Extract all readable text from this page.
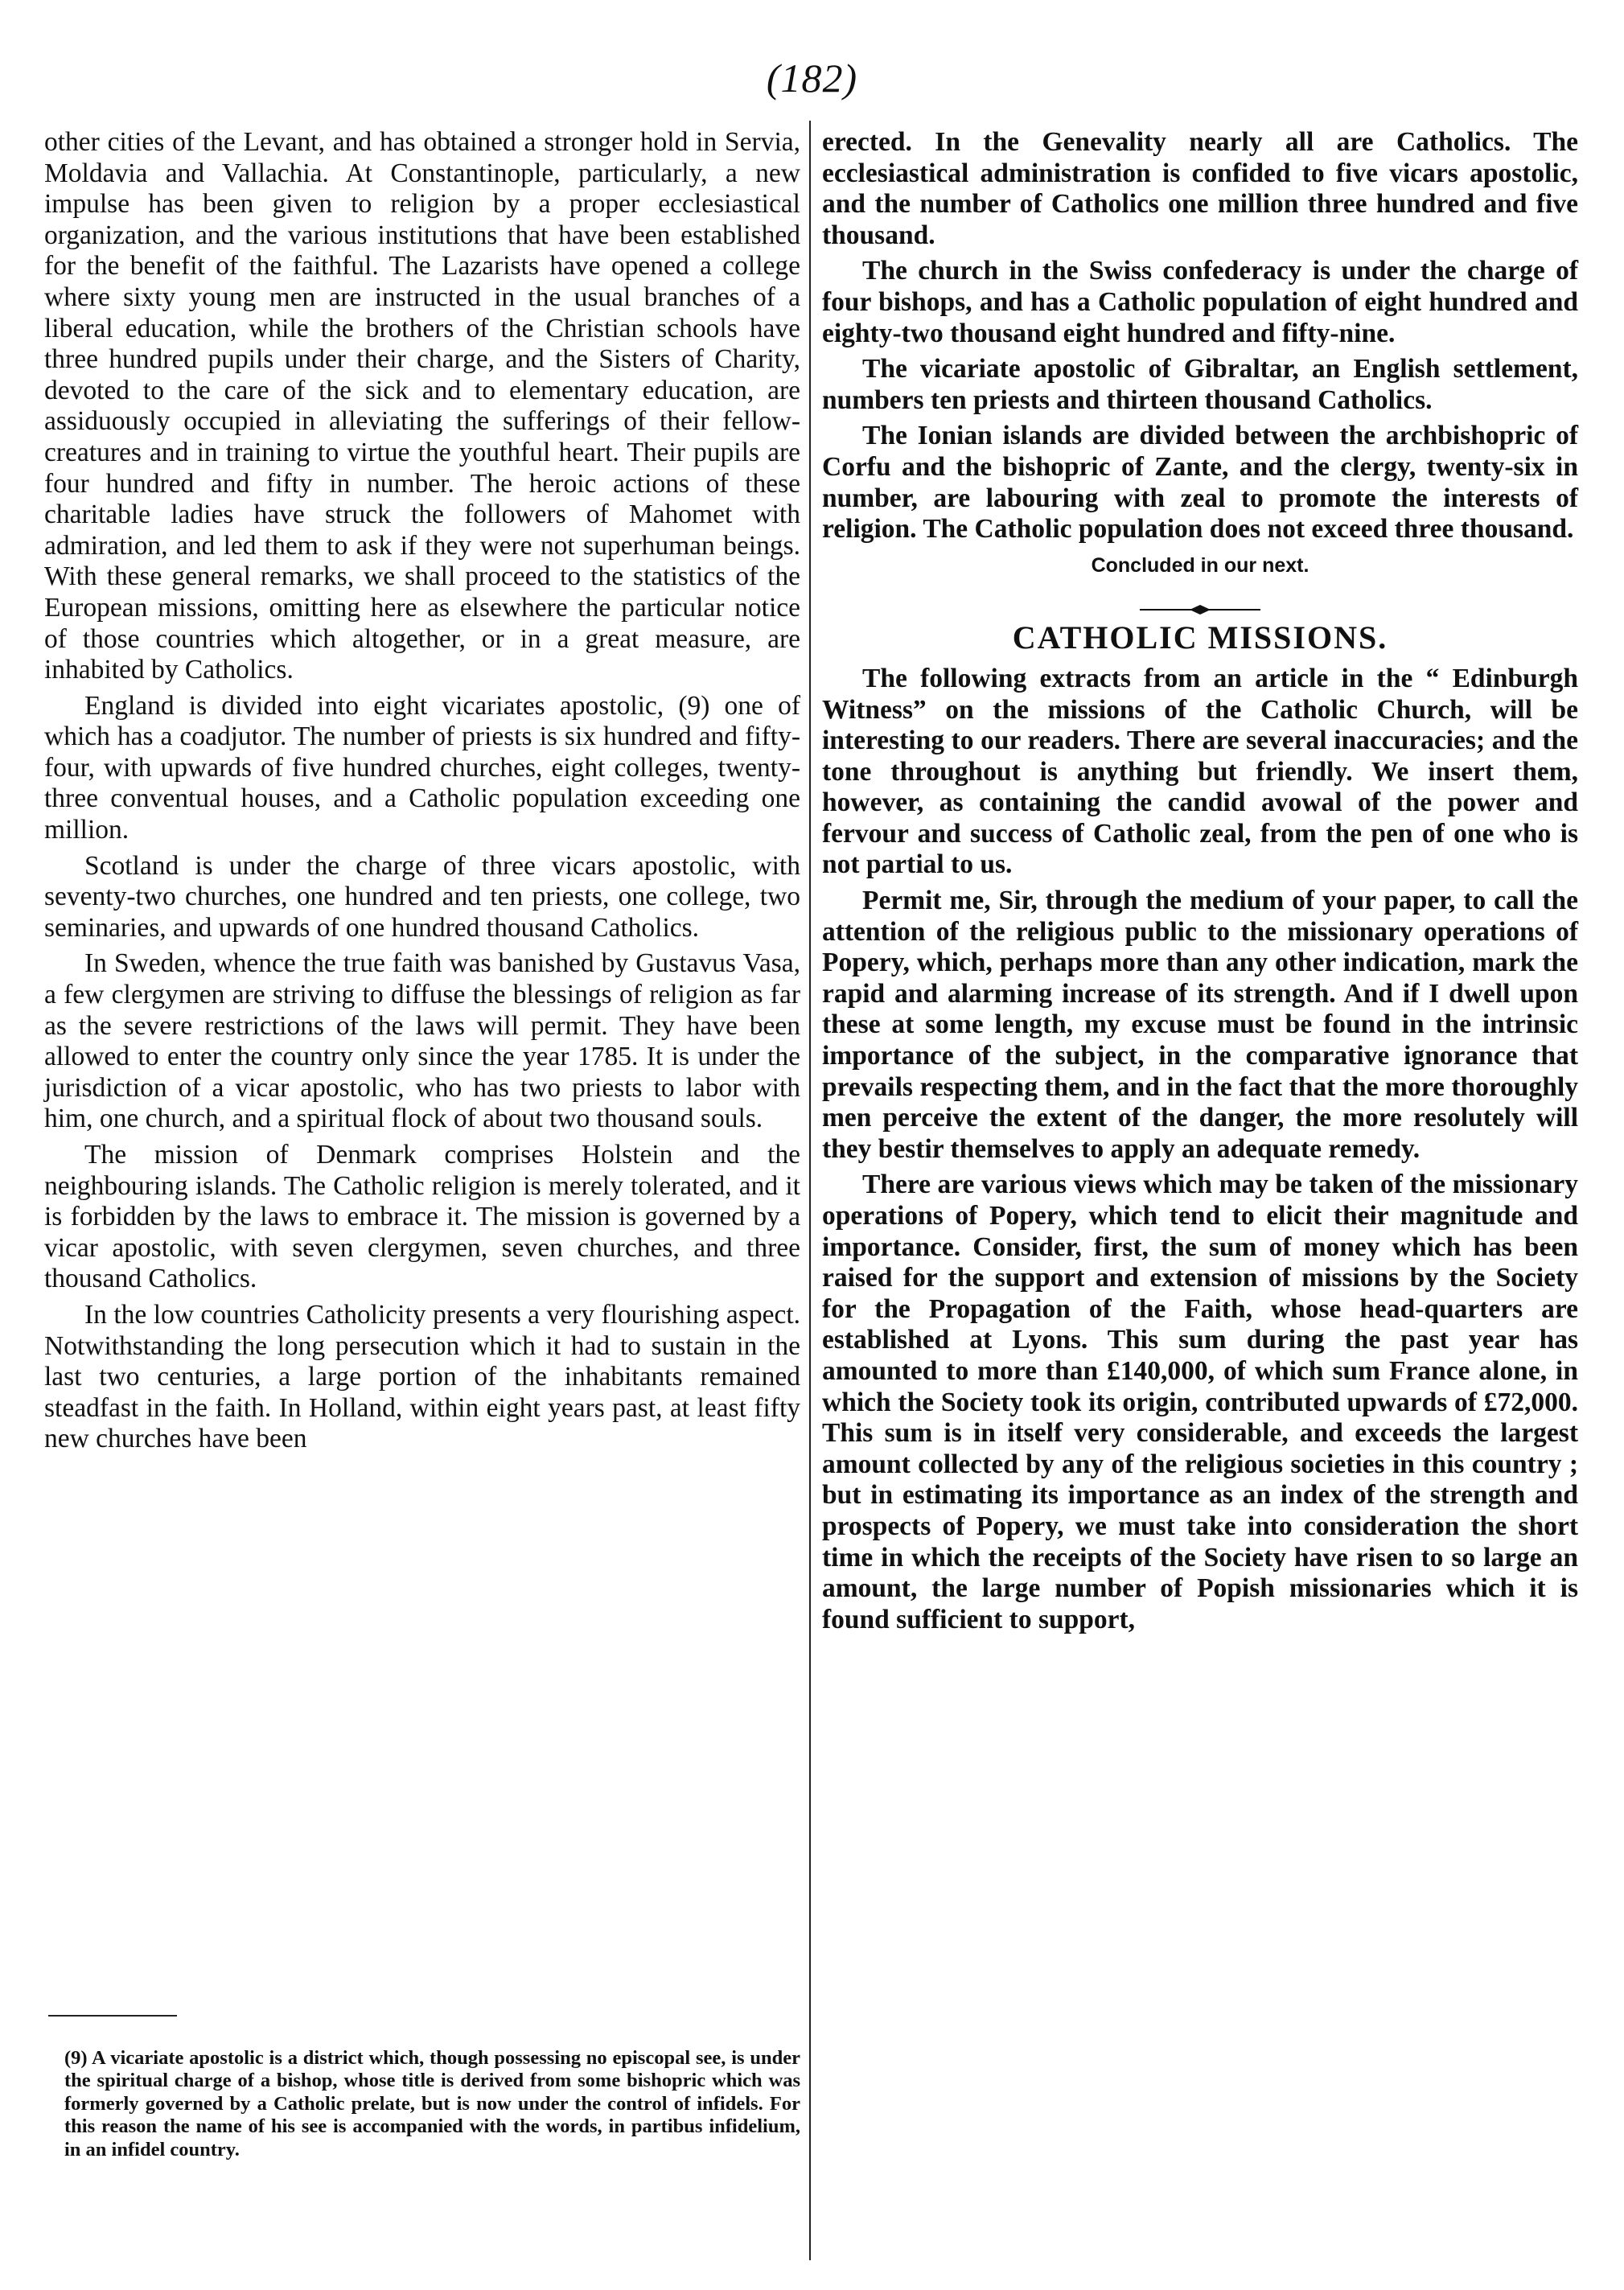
(182)

other cities of the Levant, and has obtained a stronger hold in Servia, Moldavia and Vallachia. At Constantinople, particularly, a new impulse has been given to religion by a proper ecclesiastical organization, and the various institutions that have been established for the benefit of the faithful. The Lazarists have opened a college where sixty young men are instructed in the usual branches of a liberal education, while the brothers of the Christian schools have three hundred pupils under their charge, and the Sisters of Charity, devoted to the care of the sick and to elementary education, are assiduously occupied in alleviating the sufferings of their fellow-creatures and in training to virtue the youthful heart. Their pupils are four hundred and fifty in number. The heroic actions of these charitable ladies have struck the followers of Mahomet with admiration, and led them to ask if they were not superhuman beings. With these general remarks, we shall proceed to the statistics of the European missions, omitting here as elsewhere the particular notice of those countries which altogether, or in a great measure, are inhabited by Catholics.

England is divided into eight vicariates apostolic, (9) one of which has a coadjutor. The number of priests is six hundred and fifty-four, with upwards of five hundred churches, eight colleges, twenty-three conventual houses, and a Catholic population exceeding one million.

Scotland is under the charge of three vicars apostolic, with seventy-two churches, one hundred and ten priests, one college, two seminaries, and upwards of one hundred thousand Catholics.

In Sweden, whence the true faith was banished by Gustavus Vasa, a few clergymen are striving to diffuse the blessings of religion as far as the severe restrictions of the laws will permit. They have been allowed to enter the country only since the year 1785. It is under the jurisdiction of a vicar apostolic, who has two priests to labor with him, one church, and a spiritual flock of about two thousand souls.

The mission of Denmark comprises Holstein and the neighbouring islands. The Catholic religion is merely tolerated, and it is forbidden by the laws to embrace it. The mission is governed by a vicar apostolic, with seven clergymen, seven churches, and three thousand Catholics.

In the low countries Catholicity presents a very flourishing aspect. Notwithstanding the long persecution which it had to sustain in the last two centuries, a large portion of the inhabitants remained steadfast in the faith. In Holland, within eight years past, at least fifty new churches have been

erected. In the Genevality nearly all are Catholics. The ecclesiastical administration is confided to five vicars apostolic, and the number of Catholics one million three hundred and five thousand.

The church in the Swiss confederacy is under the charge of four bishops, and has a Catholic population of eight hundred and eighty-two thousand eight hundred and fifty-nine.

The vicariate apostolic of Gibraltar, an English settlement, numbers ten priests and thirteen thousand Catholics.

The Ionian islands are divided between the archbishopric of Corfu and the bishopric of Zante, and the clergy, twenty-six in number, are labouring with zeal to promote the interests of religion. The Catholic population does not exceed three thousand.

Concluded in our next.

CATHOLIC MISSIONS.

The following extracts from an article in the “ Edinburgh Witness” on the missions of the Catholic Church, will be interesting to our readers. There are several inaccuracies; and the tone throughout is anything but friendly. We insert them, however, as containing the candid avowal of the power and fervour and success of Catholic zeal, from the pen of one who is not partial to us.

Permit me, Sir, through the medium of your paper, to call the attention of the religious public to the missionary operations of Popery, which, perhaps more than any other indication, mark the rapid and alarming increase of its strength. And if I dwell upon these at some length, my excuse must be found in the intrinsic importance of the subject, in the comparative ignorance that prevails respecting them, and in the fact that the more thoroughly men perceive the extent of the danger, the more resolutely will they bestir themselves to apply an adequate remedy.

There are various views which may be taken of the missionary operations of Popery, which tend to elicit their magnitude and importance. Consider, first, the sum of money which has been raised for the support and extension of missions by the Society for the Propagation of the Faith, whose head-quarters are established at Lyons. This sum during the past year has amounted to more than £140,000, of which sum France alone, in which the Society took its origin, contributed upwards of £72,000. This sum is in itself very considerable, and exceeds the largest amount collected by any of the religious societies in this country ; but in estimating its importance as an index of the strength and prospects of Popery, we must take into consideration the short time in which the receipts of the Society have risen to so large an amount, the large number of Popish missionaries which it is found sufficient to support,

(9) A vicariate apostolic is a district which, though possessing no episcopal see, is under the spiritual charge of a bishop, whose title is derived from some bishopric which was formerly governed by a Catholic prelate, but is now under the control of infidels. For this reason the name of his see is accompanied with the words, in partibus infidelium, in an infidel country.
